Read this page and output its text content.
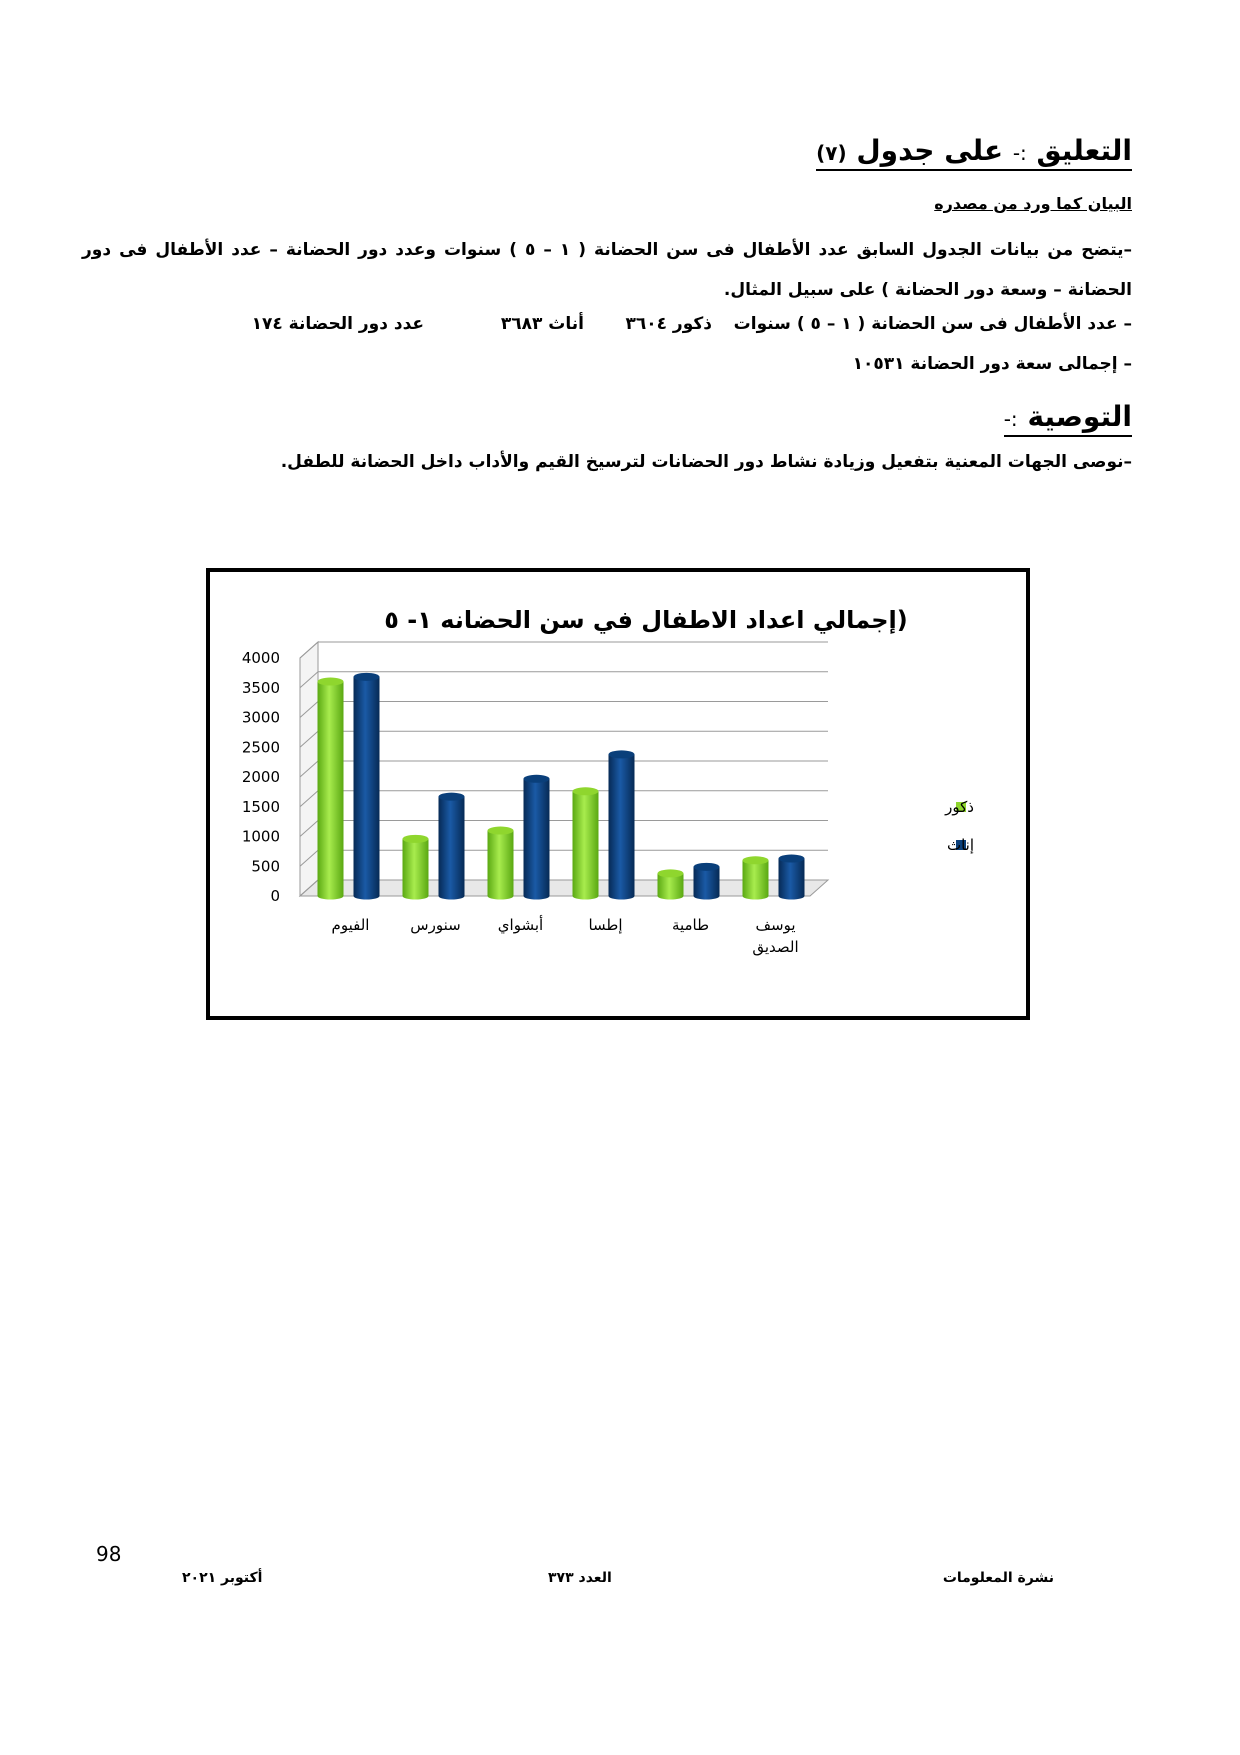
التعليق :- على جدول (٧)
البيان كما ورد من مصدره
–يتضح من بيانات الجدول السابق عدد الأطفال فى سن الحضانة ( ١ – ٥ ) سنوات وعدد دور الحضانة – عدد الأطفال فى دور الحضانة – وسعة دور الحضانة ) على سبيل المثال.
– عدد الأطفال فى سن الحضانة ( ١ – ٥ ) سنوات
ذكور ٣٦٠٤
أناث ٣٦٨٣
عدد دور الحضانة ١٧٤
– إجمالى سعة دور الحضانة ١٠٥٣١
التوصية :-
–نوصى الجهات المعنية بتفعيل وزيادة نشاط دور الحضانات لترسيخ القيم والأداب داخل الحضانة للطفل.
0
500
1000
1500
2000
2500
3000
3500
4000
(إجمالي اعداد الاطفال في سن الحضانه ١- ٥
الفيوم	سنورس أبشواي	إطسا	طامية	يوسف
الصديق
ذكور
إناث
98
أكتوبر ٢٠٢١	العدد ٣٧٣	نشرة المعلومات
